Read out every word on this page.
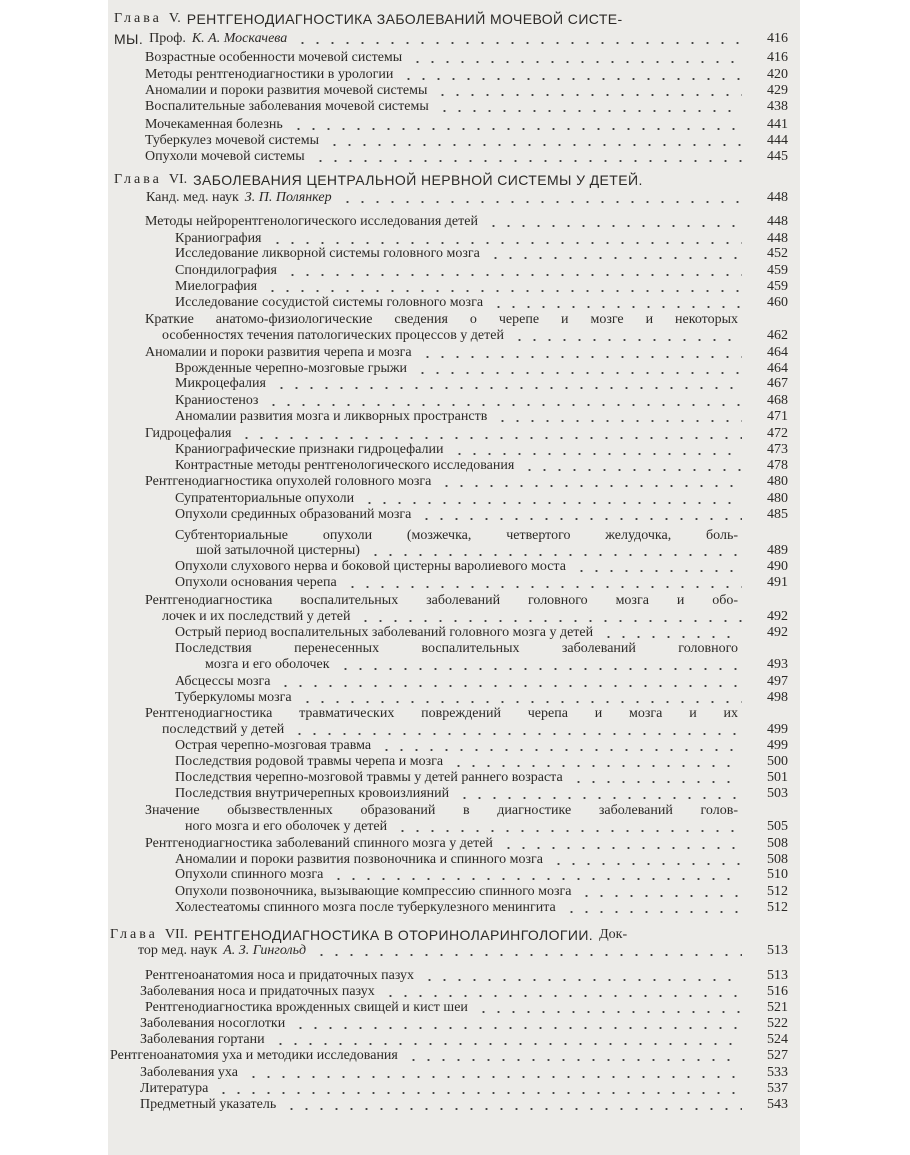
Глава V. РЕНТГЕНОДИАГНОСТИКА ЗАБОЛЕВАНИЙ МОЧЕВОЙ СИСТЕ-
МЫ. Проф. К. А. Москачева	416
Возрастные особенности мочевой системы	416
Методы рентгенодиагностики в урологии	420
Аномалии и пороки развития мочевой системы	429
Воспалительные заболевания мочевой системы	438
Мочекаменная болезнь	441
Туберкулез мочевой системы	444
Опухоли мочевой системы	445
Глава VI. ЗАБОЛЕВАНИЯ ЦЕНТРАЛЬНОЙ НЕРВНОЙ СИСТЕМЫ У ДЕТЕЙ.
Канд. мед. наук З. П. Полянкер	448
Методы нейрорентгенологического исследования детей	448
Краниография	448
Исследование ликворной системы головного мозга	452
Спондилография	459
Миелография	459
Исследование сосудистой системы головного мозга	460
Краткие анатомо-физиологические сведения о черепе и мозге и некоторых
особенностях течения патологических процессов у детей	462
Аномалии и пороки развития черепа и мозга	464
Врожденные черепно-мозговые грыжи	464
Микроцефалия	467
Краниостеноз	468
Аномалии развития мозга и ликворных пространств	471
Гидроцефалия	472
Краниографические признаки гидроцефалии	473
Контрастные методы рентгенологического исследования	478
Рентгенодиагностика опухолей головного мозга	480
Супратенториальные опухоли	480
Опухоли срединных образований мозга	485
Субтенториальные опухоли (мозжечка, четвертого желудочка, боль-
шой затылочной цистерны)	489
Опухоли слухового нерва и боковой цистерны варолиевого моста	490
Опухоли основания черепа	491
Рентгенодиагностика воспалительных заболеваний головного мозга и обо-
лочек и их последствий у детей	492
Острый период воспалительных заболеваний головного мозга у детей	492
Последствия перенесенных воспалительных заболеваний головного
мозга и его оболочек	493
Абсцессы мозга	497
Туберкуломы мозга	498
Рентгенодиагностика травматических повреждений черепа и мозга и их
последствий у детей	499
Острая черепно-мозговая травма	499
Последствия родовой травмы черепа и мозга	500
Последствия черепно-мозговой травмы у детей раннего возраста	501
Последствия внутричерепных кровоизлияний	503
Значение обызвествленных образований в диагностике заболеваний голов-
ного мозга и его оболочек у детей	505
Рентгенодиагностика заболеваний спинного мозга у детей	508
Аномалии и пороки развития позвоночника и спинного мозга	508
Опухоли спинного мозга	510
Опухоли позвоночника, вызывающие компрессию спинного мозга	512
Холестеатомы спинного мозга после туберкулезного менингита	512
Глава VII. РЕНТГЕНОДИАГНОСТИКА В ОТОРИНОЛАРИНГОЛОГИИ. Док-
тор мед. наук А. З. Гингольд	513
Рентгеноанатомия носа и придаточных пазух	513
Заболевания носа и придаточных пазух	516
Рентгенодиагностика врожденных свищей и кист шеи	521
Заболевания носоглотки	522
Заболевания гортани	524
Рентгеноанатомия уха и методики исследования	527
Заболевания уха	533
Литература	537
Предметный указатель	543
